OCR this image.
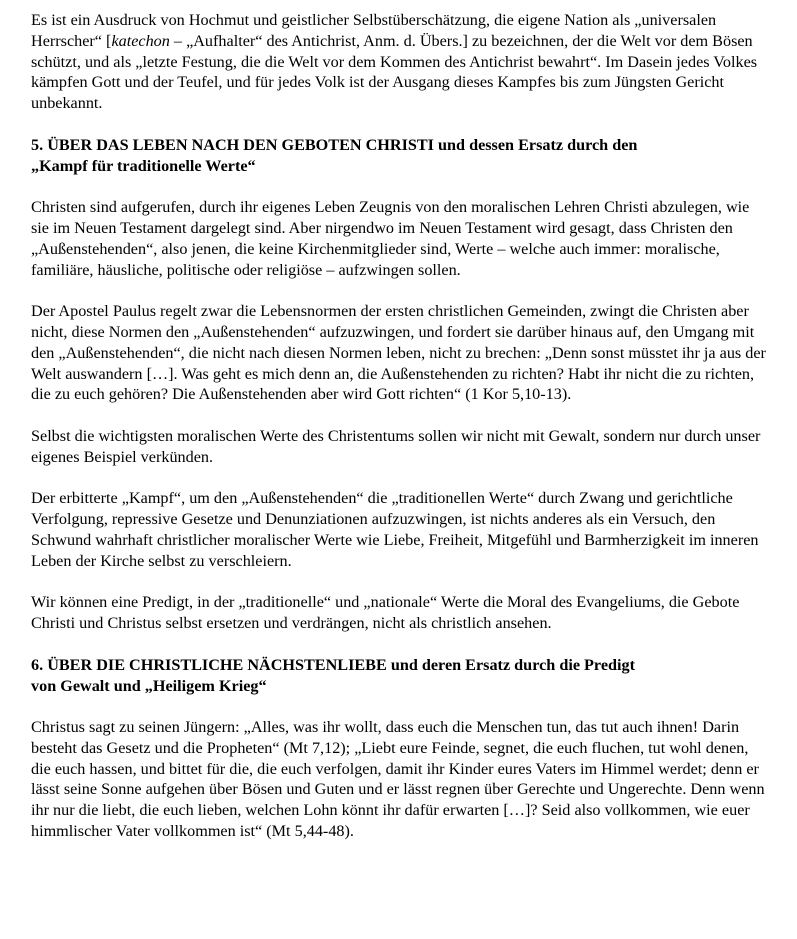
Es ist ein Ausdruck von Hochmut und geistlicher Selbstüberschätzung, die eigene Nation als „universalen Herrscher“ [katechon – „Aufhalter“ des Antichrist, Anm. d. Übers.] zu bezeichnen, der die Welt vor dem Bösen schützt, und als „letzte Festung, die die Welt vor dem Kommen des Antichrist bewahrt“. Im Dasein jedes Volkes kämpfen Gott und der Teufel, und für jedes Volk ist der Ausgang dieses Kampfes bis zum Jüngsten Gericht unbekannt.

5. ÜBER DAS LEBEN NACH DEN GEBOTEN CHRISTI und dessen Ersatz durch den
„Kampf für traditionelle Werte“

Christen sind aufgerufen, durch ihr eigenes Leben Zeugnis von den moralischen Lehren Christi abzulegen, wie sie im Neuen Testament dargelegt sind. Aber nirgendwo im Neuen Testament wird gesagt, dass Christen den „Außenstehenden“, also jenen, die keine Kirchenmitglieder sind, Werte – welche auch immer: moralische, familiäre, häusliche, politische oder religiöse – aufzwingen sollen.

Der Apostel Paulus regelt zwar die Lebensnormen der ersten christlichen Gemeinden, zwingt die Christen aber nicht, diese Normen den „Außenstehenden“ aufzuzwingen, und fordert sie darüber hinaus auf, den Umgang mit den „Außenstehenden“, die nicht nach diesen Normen leben, nicht zu brechen: „Denn sonst müsstet ihr ja aus der Welt auswandern […]. Was geht es mich denn an, die Außenstehenden zu richten? Habt ihr nicht die zu richten, die zu euch gehören? Die Außenstehenden aber wird Gott richten“ (1 Kor 5,10-13).

Selbst die wichtigsten moralischen Werte des Christentums sollen wir nicht mit Gewalt, sondern nur durch unser eigenes Beispiel verkünden.

Der erbitterte „Kampf“, um den „Außenstehenden“ die „traditionellen Werte“ durch Zwang und gerichtliche Verfolgung, repressive Gesetze und Denunziationen aufzuzwingen, ist nichts anderes als ein Versuch, den Schwund wahrhaft christlicher moralischer Werte wie Liebe, Freiheit, Mitgefühl und Barmherzigkeit im inneren Leben der Kirche selbst zu verschleiern.

Wir können eine Predigt, in der „traditionelle“ und „nationale“ Werte die Moral des Evangeliums, die Gebote Christi und Christus selbst ersetzen und verdrängen, nicht als christlich ansehen.

6. ÜBER DIE CHRISTLICHE NÄCHSTENLIEBE und deren Ersatz durch die Predigt
von Gewalt und „Heiligem Krieg“

Christus sagt zu seinen Jüngern: „Alles, was ihr wollt, dass euch die Menschen tun, das tut auch ihnen! Darin besteht das Gesetz und die Propheten“ (Mt 7,12); „Liebt eure Feinde, segnet, die euch fluchen, tut wohl denen, die euch hassen, und bittet für die, die euch verfolgen, damit ihr Kinder eures Vaters im Himmel werdet; denn er lässt seine Sonne aufgehen über Bösen und Guten und er lässt regnen über Gerechte und Ungerechte. Denn wenn ihr nur die liebt, die euch lieben, welchen Lohn könnt ihr dafür erwarten […]? Seid also vollkommen, wie euer himmlischer Vater vollkommen ist“ (Mt 5,44-48).
